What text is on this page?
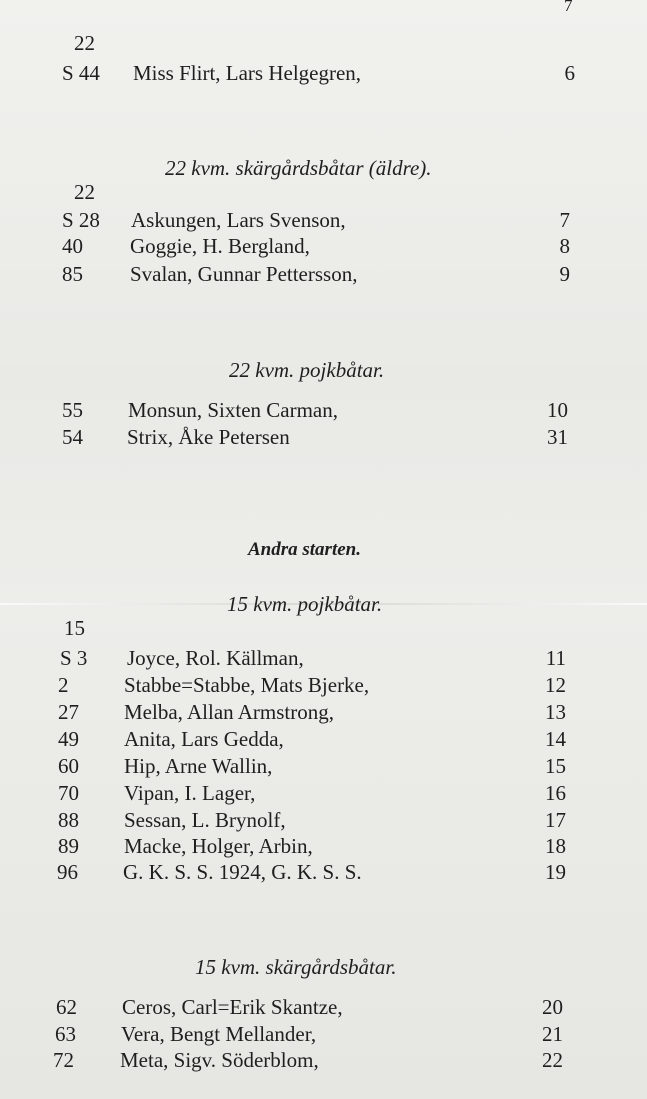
7
22
S 44 Miss Flirt, Lars Helgegren,	6
22 kvm. skärgårdsbåtar (äldre).
22
S 28 Askungen, Lars Svenson,	7
40 Goggie, H. Bergland,	8
85 Svalan, Gunnar Pettersson,	9
22 kvm. pojkbåtar.
55 Monsun, Sixten Carman,	10
54 Strix, Åke Petersen	31
Andra starten.
15 kvm. pojkbåtar.
15
S 3 Joyce, Rol. Källman,	11
2	Stabbe=Stabbe, Mats Bjerke,	12
27 Melba, Allan Armstrong,	13
49 Anita, Lars Gedda,	14
60 Hip, Arne Wallin,	15
70 Vipan, I. Lager,	16
88 Sessan, L. Brynolf,	17
89 Macke, Holger, Arbin,	18
96 G. K. S. S. 1924, G. K. S. S.	19
15 kvm. skärgårdsbåtar.
62 Ceros, Carl=Erik Skantze,	20
63 Vera, Bengt Mellander,	21
72 Meta, Sigv. Söderblom,	22
